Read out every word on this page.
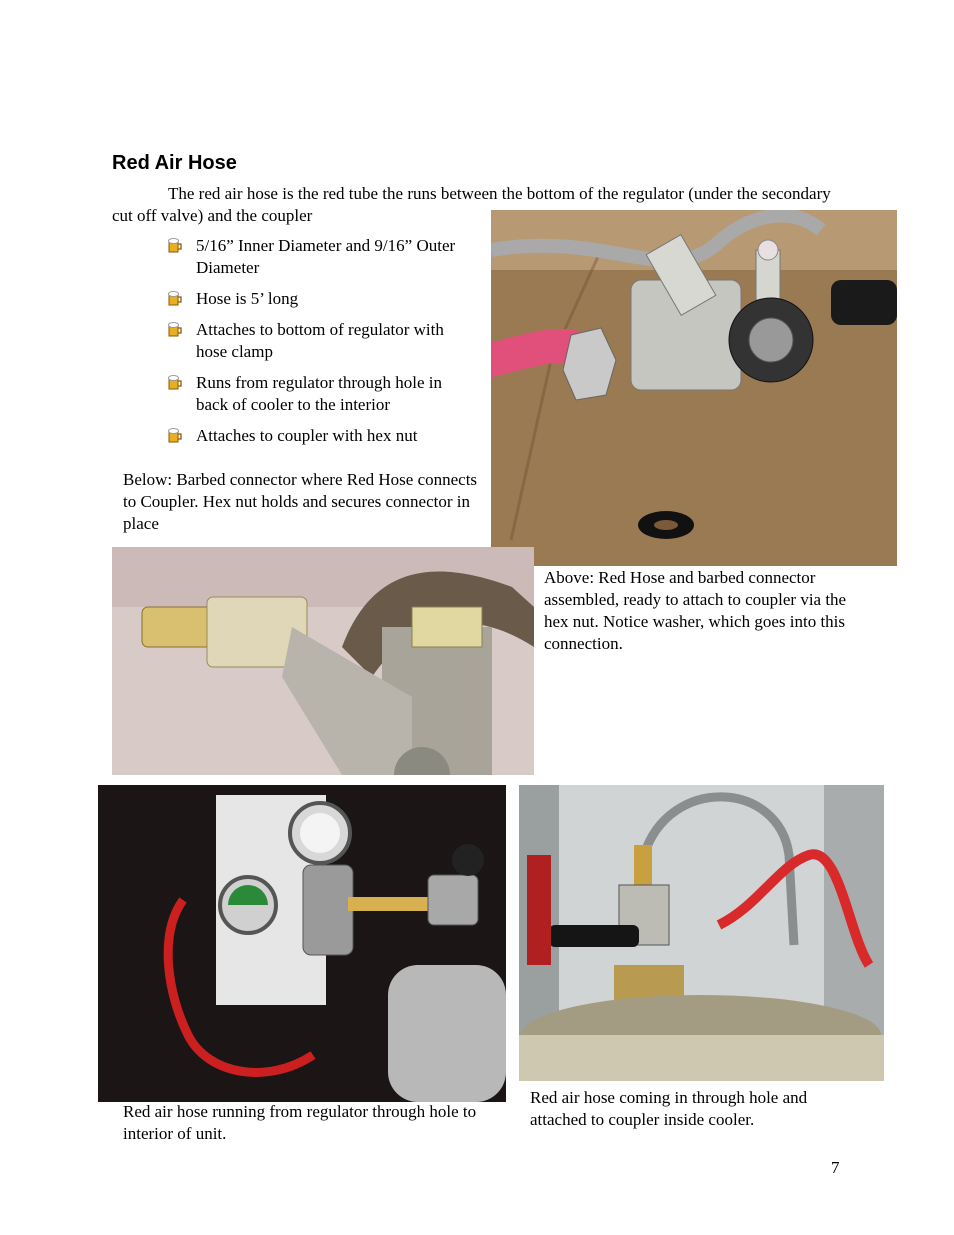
Red Air Hose
The red air hose is the red tube the runs between the bottom of the regulator (under the secondary cut off valve) and the coupler
5/16” Inner Diameter and 9/16” Outer Diameter
Hose is 5’ long
Attaches to bottom of regulator with hose clamp
Runs from regulator through hole in back of cooler to the interior
Attaches to coupler with hex nut
Below: Barbed connector where Red Hose connects to Coupler. Hex nut holds and secures connector in place
Above: Red Hose and barbed connector assembled, ready to attach to coupler via the hex nut. Notice washer, which goes into this connection.
Red air hose running from regulator through hole to interior of unit.
Red air hose coming in through hole and attached to coupler inside cooler.
7
